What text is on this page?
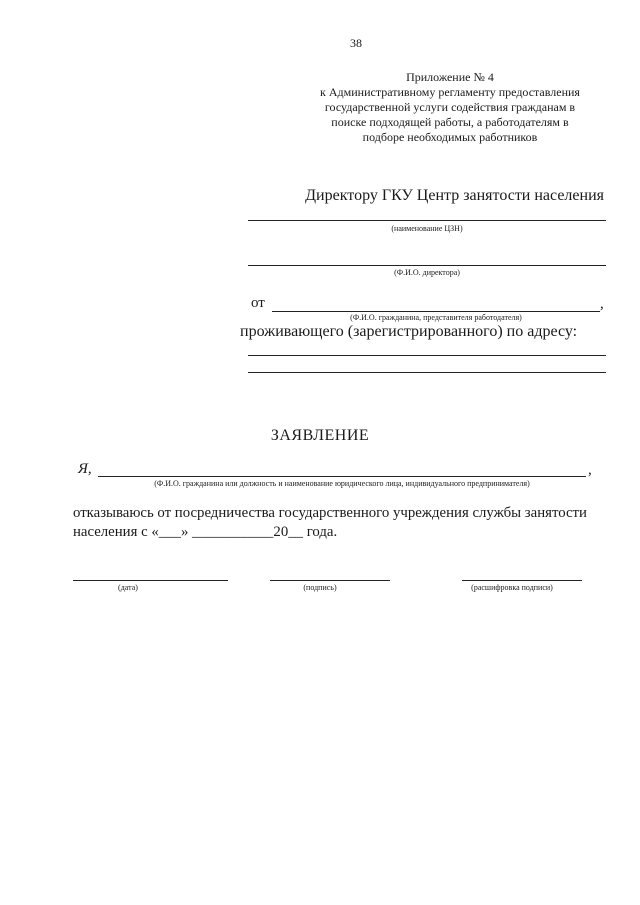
38
Приложение № 4
к Административному регламенту предоставления
государственной услуги содействия гражданам в
поиске подходящей работы, а работодателям в
подборе необходимых работников
Директору ГКУ Центр занятости населения
(наименование ЦЗН)
(Ф.И.О. директора)
от	,
(Ф.И.О. гражданина, представителя работодателя)
проживающего (зарегистрированного) по адресу:
ЗАЯВЛЕНИЕ
Я,	,
(Ф.И.О. гражданина или должность и наименование юридического лица, индивидуального предпринимателя)
отказываюсь от посредничества государственного учреждения службы занятости
населения с «___» ___________20__ года.
(дата)	(подпись)	(расшифровка подписи)
